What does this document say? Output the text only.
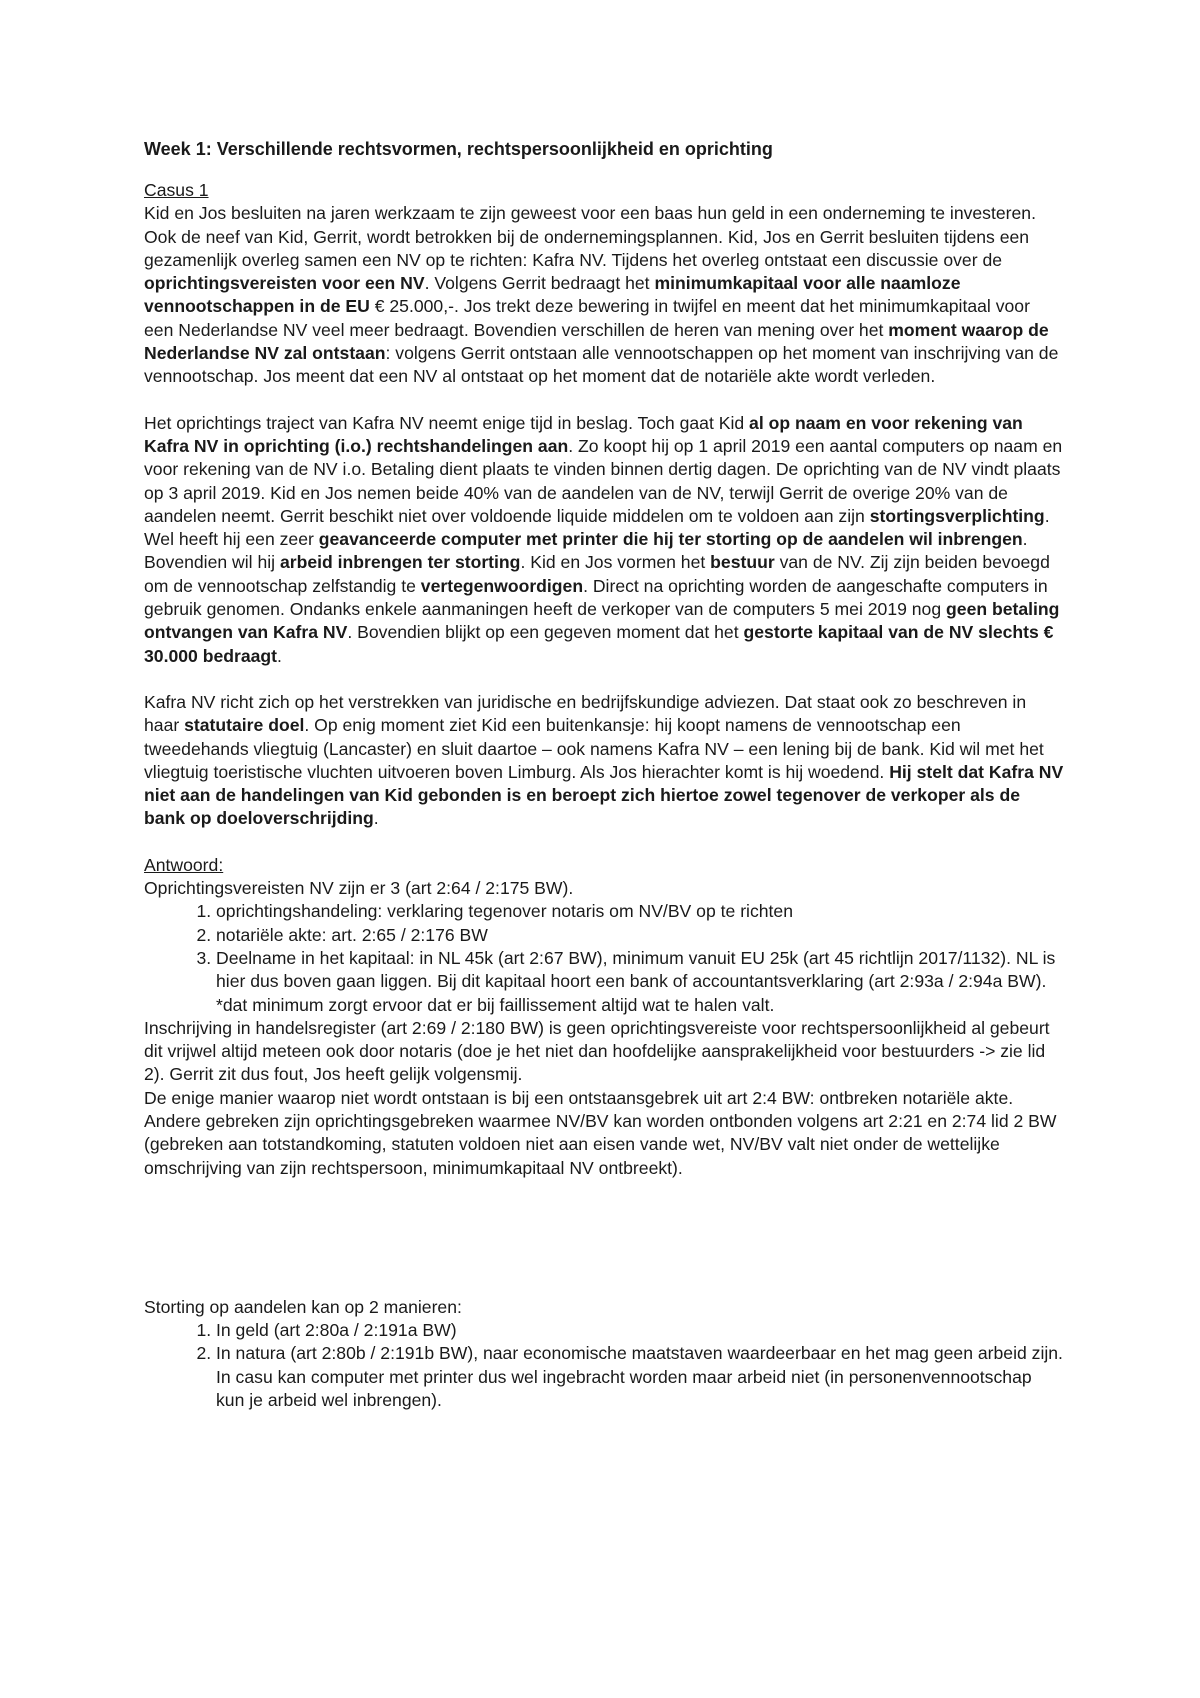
Week 1: Verschillende rechtsvormen, rechtspersoonlijkheid en oprichting

Casus 1

Kid en Jos besluiten na jaren werkzaam te zijn geweest voor een baas hun geld in een onderneming te investeren. Ook de neef van Kid, Gerrit, wordt betrokken bij de ondernemingsplannen. Kid, Jos en Gerrit besluiten tijdens een gezamenlijk overleg samen een NV op te richten: Kafra NV. Tijdens het overleg ontstaat een discussie over de oprichtingsvereisten voor een NV. Volgens Gerrit bedraagt het minimumkapitaal voor alle naamloze vennootschappen in de EU € 25.000,-. Jos trekt deze bewering in twijfel en meent dat het minimumkapitaal voor een Nederlandse NV veel meer bedraagt. Bovendien verschillen de heren van mening over het moment waarop de Nederlandse NV zal ontstaan: volgens Gerrit ontstaan alle vennootschappen op het moment van inschrijving van de vennootschap. Jos meent dat een NV al ontstaat op het moment dat de notariële akte wordt verleden.

Het oprichtings traject van Kafra NV neemt enige tijd in beslag. Toch gaat Kid al op naam en voor rekening van Kafra NV in oprichting (i.o.) rechtshandelingen aan. Zo koopt hij op 1 april 2019 een aantal computers op naam en voor rekening van de NV i.o. Betaling dient plaats te vinden binnen dertig dagen. De oprichting van de NV vindt plaats op 3 april 2019. Kid en Jos nemen beide 40% van de aandelen van de NV, terwijl Gerrit de overige 20% van de aandelen neemt. Gerrit beschikt niet over voldoende liquide middelen om te voldoen aan zijn stortingsverplichting. Wel heeft hij een zeer geavanceerde computer met printer die hij ter storting op de aandelen wil inbrengen. Bovendien wil hij arbeid inbrengen ter storting. Kid en Jos vormen het bestuur van de NV. Zij zijn beiden bevoegd om de vennootschap zelfstandig te vertegenwoordigen. Direct na oprichting worden de aangeschafte computers in gebruik genomen. Ondanks enkele aanmaningen heeft de verkoper van de computers 5 mei 2019 nog geen betaling ontvangen van Kafra NV. Bovendien blijkt op een gegeven moment dat het gestorte kapitaal van de NV slechts € 30.000 bedraagt.

Kafra NV richt zich op het verstrekken van juridische en bedrijfskundige adviezen. Dat staat ook zo beschreven in haar statutaire doel. Op enig moment ziet Kid een buitenkansje: hij koopt namens de vennootschap een tweedehands vliegtuig (Lancaster) en sluit daartoe – ook namens Kafra NV – een lening bij de bank. Kid wil met het vliegtuig toeristische vluchten uitvoeren boven Limburg. Als Jos hierachter komt is hij woedend. Hij stelt dat Kafra NV niet aan de handelingen van Kid gebonden is en beroept zich hiertoe zowel tegenover de verkoper als de bank op doeloverschrijding.

Antwoord:

Oprichtingsvereisten NV zijn er 3 (art 2:64 / 2:175 BW).

1. oprichtingshandeling: verklaring tegenover notaris om NV/BV op te richten
2. notariële akte: art. 2:65 / 2:176 BW
3. Deelname in het kapitaal: in NL 45k (art 2:67 BW), minimum vanuit EU 25k (art 45 richtlijn 2017/1132). NL is hier dus boven gaan liggen. Bij dit kapitaal hoort een bank of accountantsverklaring (art 2:93a / 2:94a BW).

*dat minimum zorgt ervoor dat er bij faillissement altijd wat te halen valt.

Inschrijving in handelsregister (art 2:69 / 2:180 BW) is geen oprichtingsvereiste voor rechtspersoonlijkheid al gebeurt dit vrijwel altijd meteen ook door notaris (doe je het niet dan hoofdelijke aansprakelijkheid voor bestuurders -> zie lid 2). Gerrit zit dus fout, Jos heeft gelijk volgensmij.

De enige manier waarop niet wordt ontstaan is bij een ontstaansgebrek uit art 2:4 BW: ontbreken notariële akte. Andere gebreken zijn oprichtingsgebreken waarmee NV/BV kan worden ontbonden volgens art 2:21 en 2:74 lid 2 BW (gebreken aan totstandkoming, statuten voldoen niet aan eisen vande wet, NV/BV valt niet onder de wettelijke omschrijving van zijn rechtspersoon, minimumkapitaal NV ontbreekt).

Storting op aandelen kan op 2 manieren:

1. In geld (art 2:80a / 2:191a BW)
2. In natura (art 2:80b / 2:191b BW), naar economische maatstaven waardeerbaar en het mag geen arbeid zijn. In casu kan computer met printer dus wel ingebracht worden maar arbeid niet (in personenvennootschap kun je arbeid wel inbrengen).
